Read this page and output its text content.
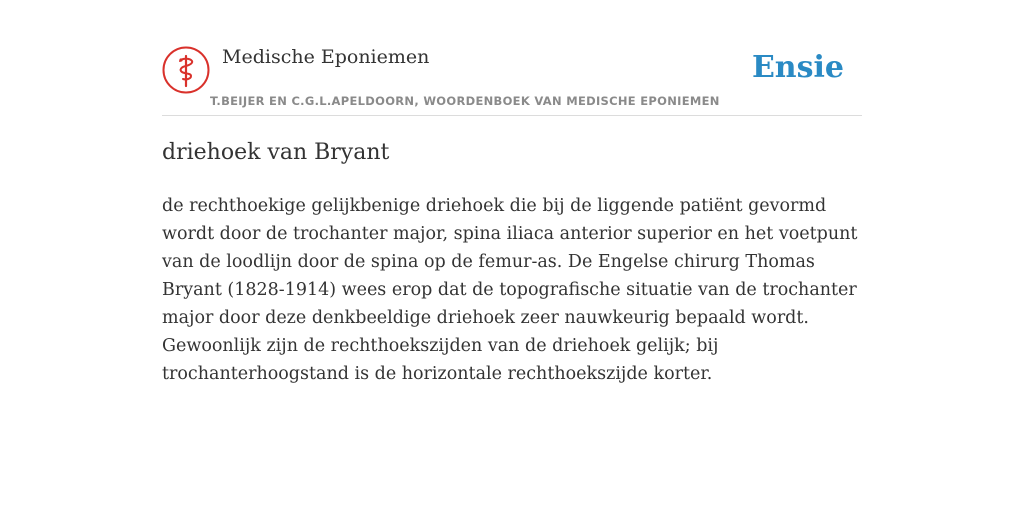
Medische Eponiemen
T.BEIJER EN C.G.L.APELDOORN, WOORDENBOEK VAN MEDISCHE EPONIEMEN
Ensie
driehoek van Bryant

de rechthoekige gelijkbenige driehoek die bij de liggende patiënt gevormd wordt door de trochanter major, spina iliaca anterior superior en het voetpunt van de loodlijn door de spina op de femur-as. De Engelse chirurg Thomas Bryant (1828-1914) wees erop dat de topografische situatie van de trochanter major door deze denkbeeldige driehoek zeer nauwkeurig bepaald wordt. Gewoonlijk zijn de rechthoekszijden van de driehoek gelijk; bij trochanterhoogstand is de horizontale rechthoekszijde korter.
